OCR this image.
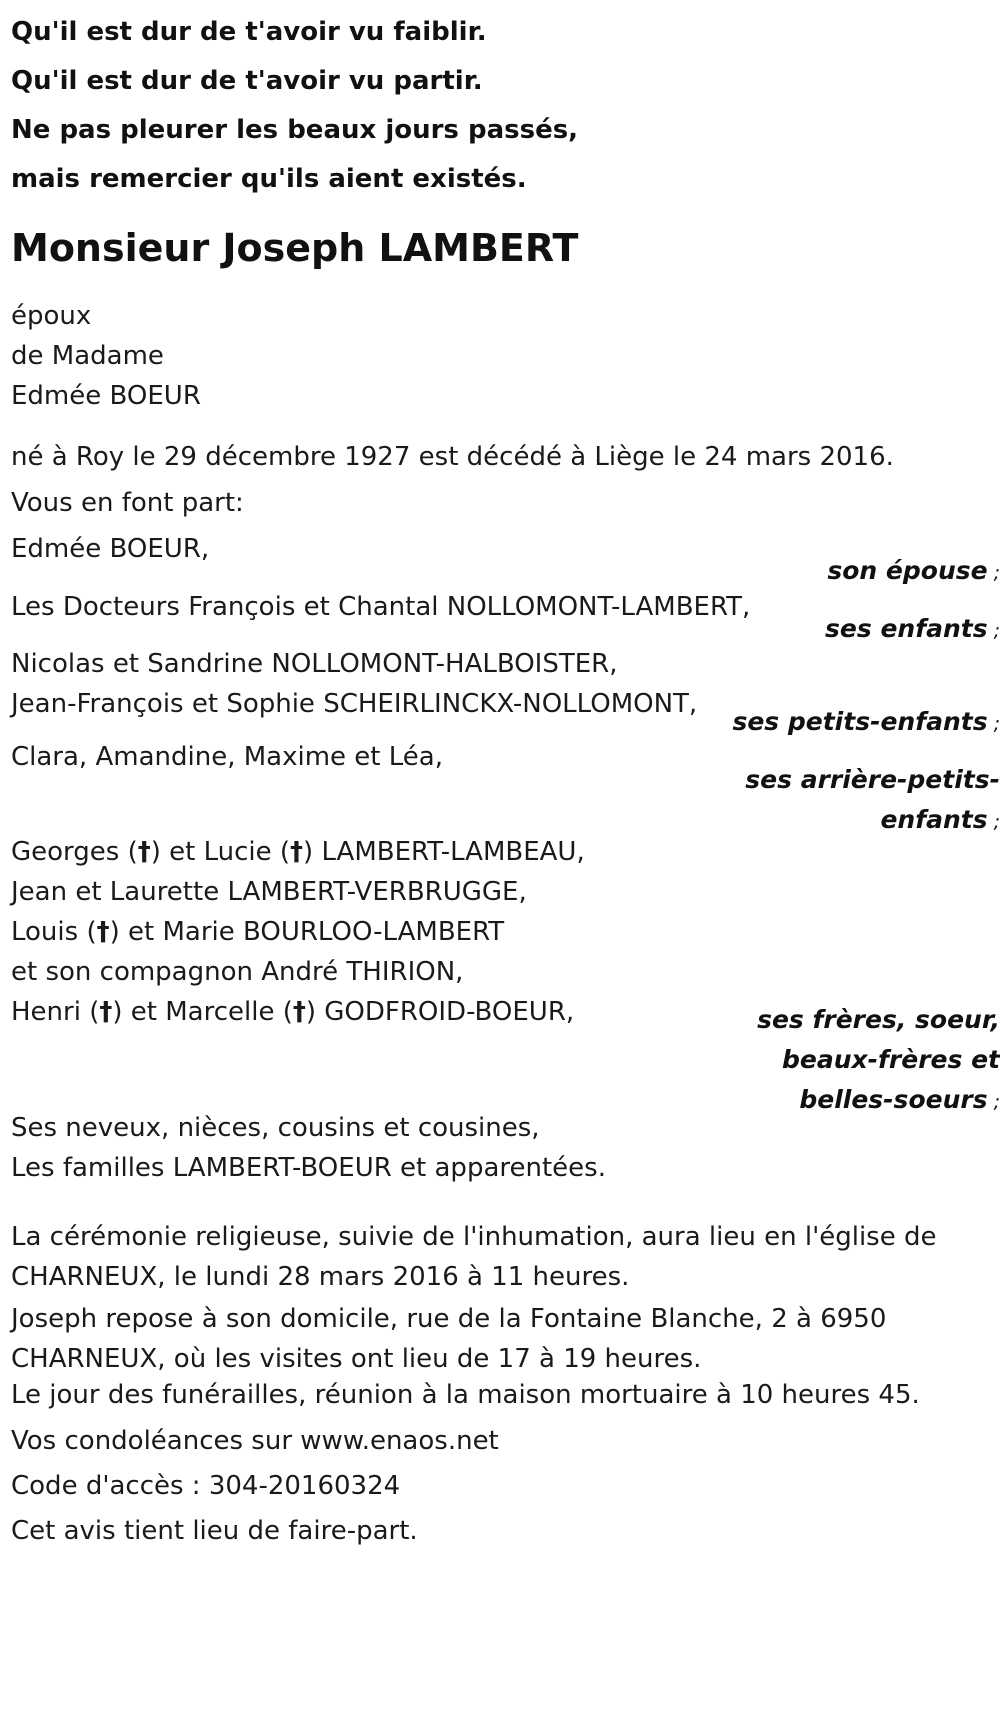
Qu'il est dur de t'avoir vu faiblir.
Qu'il est dur de t'avoir vu partir.
Ne pas pleurer les beaux jours passés,
mais remercier qu'ils aient existés.
Monsieur Joseph LAMBERT
époux
de Madame
Edmée BOEUR
né à Roy le 29 décembre 1927 est décédé à Liège le 24 mars 2016.
Vous en font part:
Edmée BOEUR,
son épouse ;
Les Docteurs François et Chantal NOLLOMONT-LAMBERT,
ses enfants ;
Nicolas et Sandrine NOLLOMONT-HALBOISTER,
Jean-François et Sophie SCHEIRLINCKX-NOLLOMONT,
ses petits-enfants ;
Clara, Amandine, Maxime et Léa,
ses arrière-petits-
enfants ;
Georges (†) et Lucie (†) LAMBERT-LAMBEAU,
Jean et Laurette LAMBERT-VERBRUGGE,
Louis (†) et Marie BOURLOO-LAMBERT
et son compagnon André THIRION,
Henri (†) et Marcelle (†) GODFROID-BOEUR,	ses frères, soeur,
beaux-frères et
belles-soeurs ;
Ses neveux, nièces, cousins et cousines,
Les familles LAMBERT-BOEUR et apparentées.
La cérémonie religieuse, suivie de l'inhumation, aura lieu en l'église de
CHARNEUX, le lundi 28 mars 2016 à 11 heures.
Joseph repose à son domicile, rue de la Fontaine Blanche, 2 à 6950
CHARNEUX, où les visites ont lieu de 17 à 19 heures.
Le jour des funérailles, réunion à la maison mortuaire à 10 heures 45.
Vos condoléances sur www.enaos.net
Code d'accès : 304-20160324
Cet avis tient lieu de faire-part.
